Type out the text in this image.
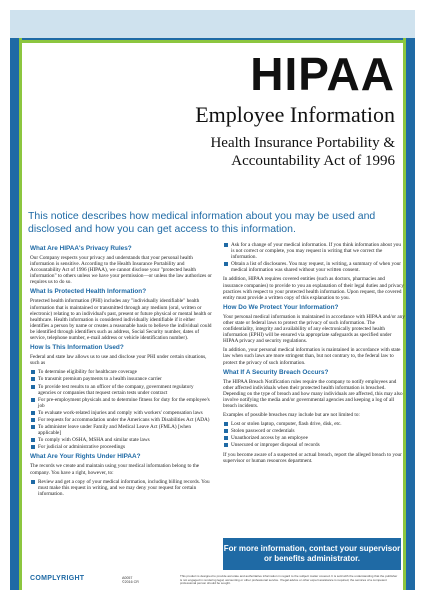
HIPAA
Employee Information
Health Insurance Portability &
Accountability Act of 1996
This notice describes how medical information about you may be used and disclosed and how you can get access to this information.
What Are HIPAA's Privacy Rules?

Our Company respects your privacy and understands that your personal health information is sensitive. According to the Health Insurance Portability and Accountability Act of 1996 (HIPAA), we cannot disclose your "protected health information" to others unless we have your permission—or unless the law authorizes or requires us to do so.

What Is Protected Health Information?

Protected health information (PHI) includes any "individually identifiable" health information that is maintained or transmitted through any medium (oral, written or electronic) relating to an individual's past, present or future physical or mental health or healthcare. Health information is considered individually identifiable if it either identifies a person by name or creates a reasonable basis to believe the individual could be identified through identifiers such as address, Social Security number, dates of service, telephone number, e-mail address or vehicle identification number).

How Is This Information Used?

Federal and state law allows us to use and disclose your PHI under certain situations, such as

To determine eligibility for healthcare coverage
To transmit premium payments to a health insurance carrier
To provide test results to an officer of the company, government regulatory agencies or companies that request certain tests under contract
For pre-employment physicals and to determine fitness for duty for the employee's job
To evaluate work-related injuries and comply with workers' compensation laws
For requests for accommodation under the Americans with Disabilities Act (ADA)
To administer leave under Family and Medical Leave Act (FMLA) [when applicable]
To comply with OSHA, MSHA and similar state laws
For judicial or administrative proceedings
What Are Your Rights Under HIPAA?

The records we create and maintain using your medical information belong to the company. You have a right, however, to:

Review and get a copy of your medical information, including billing records. You must make this request in writing, and we may deny your request for certain information.
Ask for a change of your medical information. If you think information about you is not correct or complete, you may request in writing that we correct the information.
Obtain a list of disclosures. You may request, in writing, a summary of when your medical information was shared without your written consent.

In addition, HIPAA requires covered entities (such as doctors, pharmacies and insurance companies) to provide to you an explanation of their legal duties and privacy practices with respect to your protected health information. Upon request, the covered entity must provide a written copy of this explanation to you.

How Do We Protect Your Information?

Your personal medical information is maintained in accordance with HIPAA and/or any other state or federal laws to protect the privacy of such information. The confidentiality, integrity and availability of any electronically protected health information (EPHI) will be ensured via appropriate safeguards as specified under HIPAA privacy and security regulations.

In addition, your personal medical information is maintained in accordance with state law when such laws are more stringent than, but not contrary to, the federal law to protect the privacy of such information.

What If A Security Breach Occurs?

The HIPAA Breach Notification rules require the company to notify employees and other affected individuals when their protected health information is breached. Depending on the type of breach and how many individuals are affected, this may also involve notifying the media and/or governmental agencies and keeping a log of all breach incidents.

Examples of possible breaches may include but are not limited to:

Lost or stolen laptop, computer, flash drive, disk, etc.
Stolen password or credentials
Unauthorized access by an employee
Unsecured or improper disposal of records

If you become aware of a suspected or actual breach, report the alleged breach to your supervisor or human resources department.

For more information, contact your supervisor or benefits administrator.
COMPLYRIGHT	A0057
©2016 CR
This product is designed to provide accurate and authoritative information in regard to the subject matter covered. It is sold with the understanding that the publisher is not engaged in rendering legal, accounting or other professional service. If legal advice or other expert assistance is required, the services of a competent professional person should be sought.
